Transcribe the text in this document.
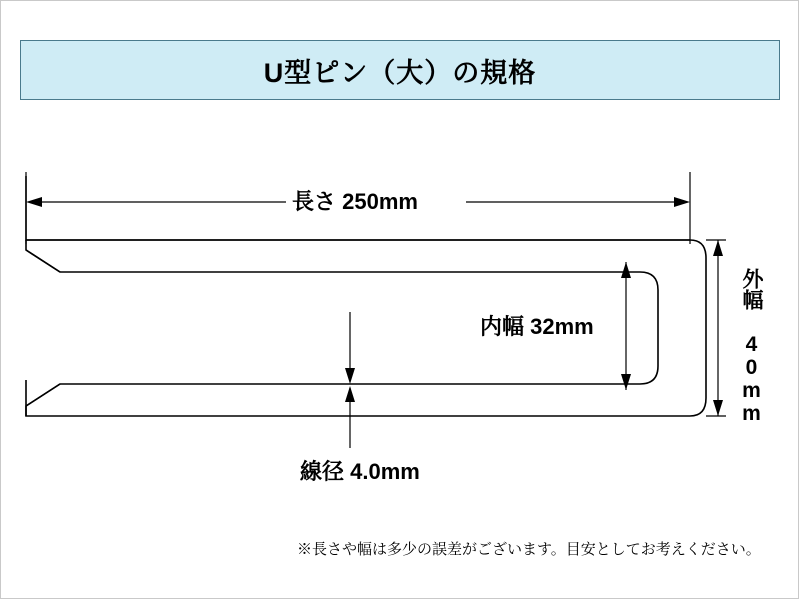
U型ピン（大）の規格
長さ 250mm
内幅 32mm	外幅 40mm
線径 4.0mm
※長さや幅は多少の誤差がございます。目安としてお考えください。
